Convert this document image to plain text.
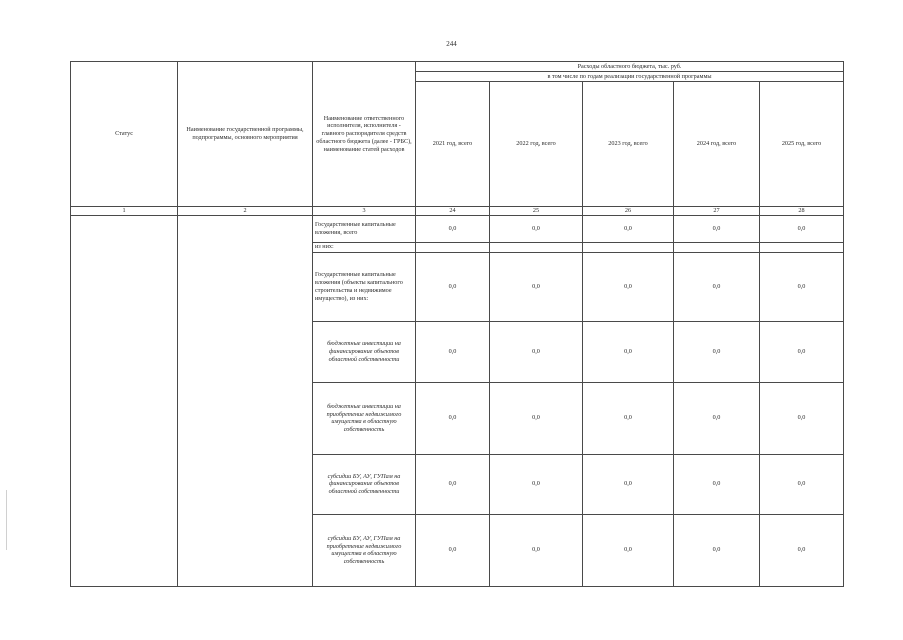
244
Статус	Наименование государственной программы, подпрограммы, основного мероприятия	Наименование ответственного исполнителя, исполнителя - главного распорядителя средств областного бюджета (далее - ГРБС), наименование статей расходов	Расходы областного бюджета, тыс. руб.				
			в том числе по годам реализации государственной программы				
			2021 год, всего	2022 год, всего	2023 год, всего	2024 год, всего	2025 год, всего
1	2	3	24	25	26	27	28
		Государственные капитальные вложения, всего	0,0	0,0	0,0	0,0	0,0
		из них:					
		Государственные капитальные вложения (объекты капитального строительства и недвижимое имущество), из них:	0,0	0,0	0,0	0,0	0,0
		бюджетные инвестиции на финансирование объектов областной собственности	0,0	0,0	0,0	0,0	0,0
		бюджетные инвестиции на приобретение недвижимого имущества в областную собственность	0,0	0,0	0,0	0,0	0,0
		субсидии БУ, АУ, ГУПам на финансирование объектов областной собственности	0,0	0,0	0,0	0,0	0,0
		субсидии БУ, АУ, ГУПам на приобретение недвижимого имущества в областную собственность	0,0	0,0	0,0	0,0	0,0
